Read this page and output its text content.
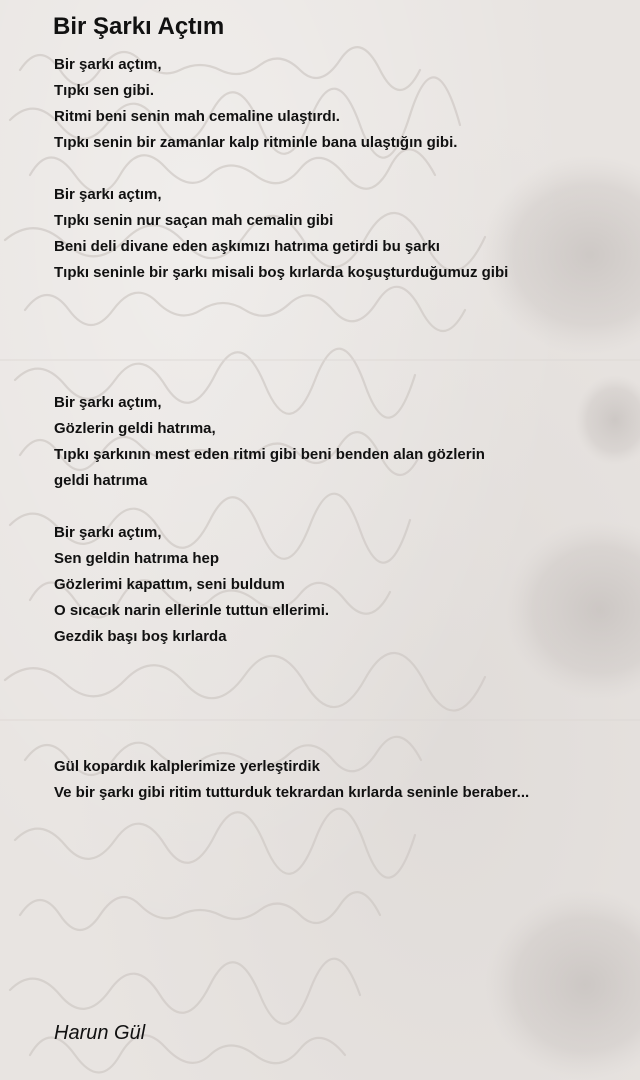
Bir Şarkı Açtım
Bir şarkı açtım,
Tıpkı sen gibi.
Ritmi beni senin mah cemaline ulaştırdı.
Tıpkı senin bir zamanlar kalp ritminle bana ulaştığın gibi.
Bir şarkı açtım,
Tıpkı senin nur saçan mah cemalin gibi
Beni deli divane eden aşkımızı hatrıma getirdi bu şarkı
Tıpkı seninle bir şarkı misali boş kırlarda koşuşturduğumuz gibi
Bir şarkı açtım,
Gözlerin geldi hatrıma,
Tıpkı şarkının mest eden ritmi gibi beni benden alan gözlerin
geldi hatrıma
Bir şarkı açtım,
Sen geldin hatrıma hep
Gözlerimi kapattım, seni buldum
O sıcacık narin ellerinle tuttun ellerimi.
Gezdik başı boş kırlarda
Gül kopardık kalplerimize yerleştirdik
Ve bir şarkı gibi ritim tutturduk tekrardan kırlarda seninle beraber...
Harun Gül
